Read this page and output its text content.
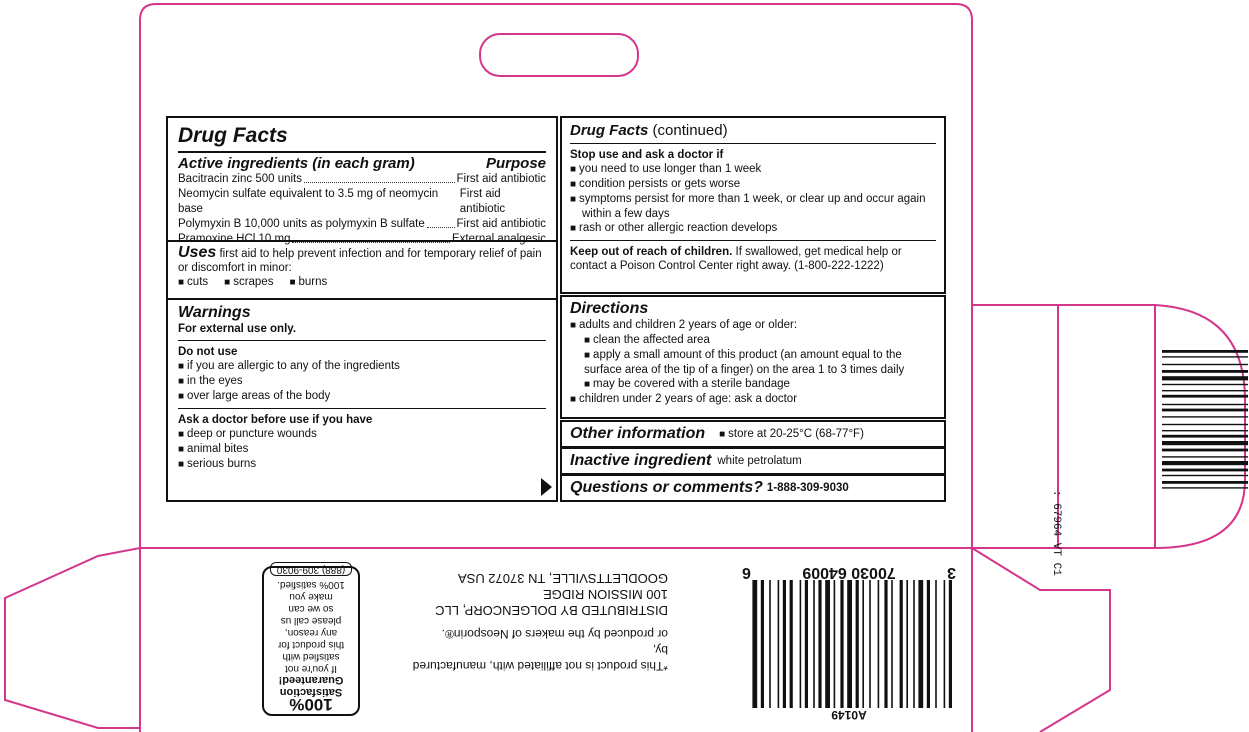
Drug Facts
Active ingredients (in each gram)	Purpose
Bacitracin zinc 500 units	First aid antibiotic
Neomycin sulfate equivalent to 3.5 mg of neomycin base
First aid antibiotic
Polymyxin B 10,000 units as polymyxin B sulfate	First aid antibiotic
Pramoxine HCl 10 mg	External analgesic
Uses first aid to help prevent infection and for temporary relief of pain or discomfort in minor:
■ cuts	■ scrapes	■ burns
Warnings
For external use only.
Do not use
■ if you are allergic to any of the ingredients
■ in the eyes
■ over large areas of the body
Ask a doctor before use if you have
■ deep or puncture wounds
■ animal bites
■ serious burns
Drug Facts (continued)
Stop use and ask a doctor if
■ you need to use longer than 1 week
■ condition persists or gets worse
■ symptoms persist for more than 1 week, or clear up and occur again within a few days
■ rash or other allergic reaction develops
Keep out of reach of children. If swallowed, get medical help or contact a Poison Control Center right away. (1-800-222-1222)
Directions
■ adults and children 2 years of age or older:
■ clean the affected area
■ apply a small amount of this product (an amount equal to the surface area of the tip of a finger) on the area 1 to 3 times daily
■ may be covered with a sterile bandage
■ children under 2 years of age: ask a doctor
Other information	■ store at 20-25°C (68-77°F)
Inactive ingredient white petrolatum
Questions or comments? 1-888-309-9030
100%
Satisfaction
Guaranteed!
If you're not
satisfied with
this product for
any reason,
please call us
so we can
make you
100% satisfied.
(888) 309-9030
*This product is not affiliated with, manufactured by,
or produced by the makers of Neosporin®.
DISTRIBUTED BY DOLGENCORP, LLC
100 MISSION RIDGE
GOODLETTSVILLE, TN 37072 USA
A0149
3
70030 64009
6	: 67964 VT C1
